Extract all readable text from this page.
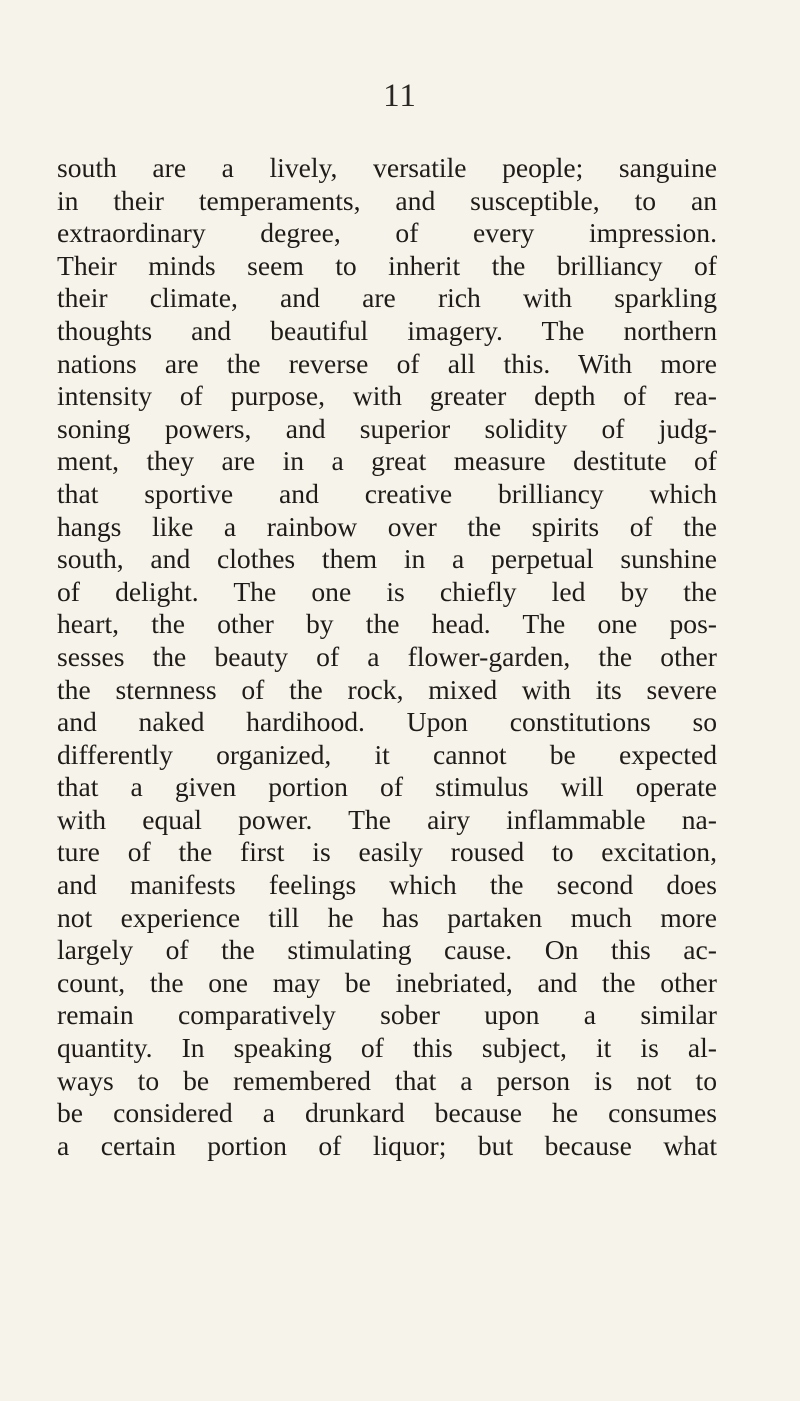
11
south are a lively, versatile people; sanguine
in their temperaments, and susceptible, to an
extraordinary degree, of every impression.
Their minds seem to inherit the brilliancy of
their climate, and are rich with sparkling
thoughts and beautiful imagery. The northern
nations are the reverse of all this. With more
intensity of purpose, with greater depth of rea-
soning powers, and superior solidity of judg-
ment, they are in a great measure destitute of
that sportive and creative brilliancy which
hangs like a rainbow over the spirits of the
south, and clothes them in a perpetual sunshine
of delight. The one is chiefly led by the
heart, the other by the head. The one pos-
sesses the beauty of a flower-garden, the other
the sternness of the rock, mixed with its severe
and naked hardihood. Upon constitutions so
differently organized, it cannot be expected
that a given portion of stimulus will operate
with equal power. The airy inflammable na-
ture of the first is easily roused to excitation,
and manifests feelings which the second does
not experience till he has partaken much more
largely of the stimulating cause. On this ac-
count, the one may be inebriated, and the other
remain comparatively sober upon a similar
quantity. In speaking of this subject, it is al-
ways to be remembered that a person is not to
be considered a drunkard because he consumes
a certain portion of liquor; but because what
